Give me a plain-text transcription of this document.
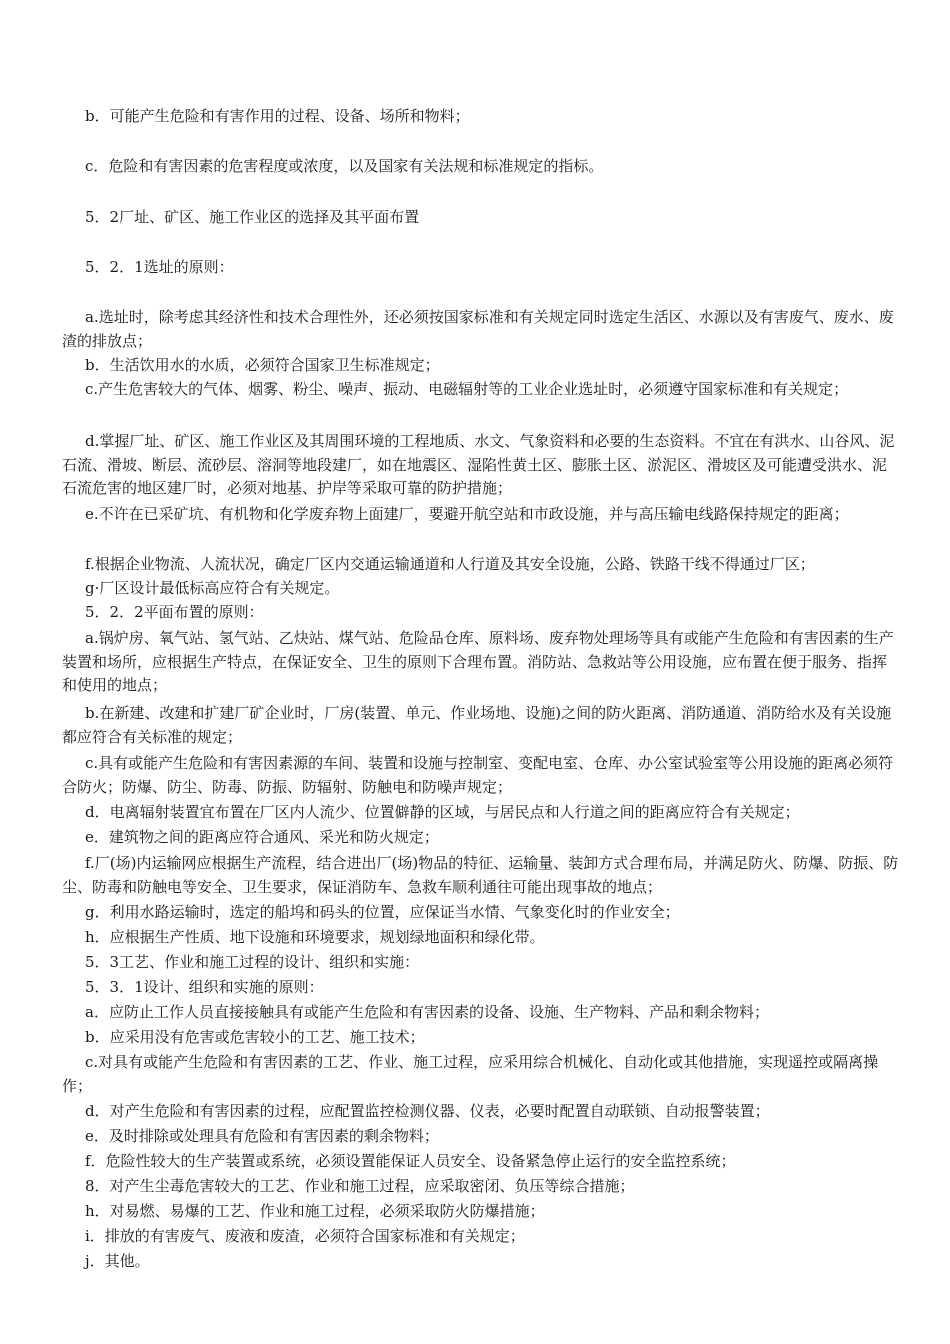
b．可能产生危险和有害作用的过程、设备、场所和物料；

c．危险和有害因素的危害程度或浓度，以及国家有关法规和标准规定的指标。

5．2厂址、矿区、施工作业区的选择及其平面布置

5．2．1选址的原则：

a.选址时，除考虑其经济性和技术合理性外，还必须按国家标准和有关规定同时选定生活区、水源以及有害废气、废水、废渣的排放点；

b．生活饮用水的水质，必须符合国家卫生标准规定；

c.产生危害较大的气体、烟雾、粉尘、噪声、振动、电磁辐射等的工业企业选址时，必须遵守国家标准和有关规定；

d.掌握厂址、矿区、施工作业区及其周围环境的工程地质、水文、气象资料和必要的生态资料。不宜在有洪水、山谷风、泥石流、滑坡、断层、流砂层、溶洞等地段建厂，如在地震区、湿陷性黄土区、膨胀土区、淤泥区、滑坡区及可能遭受洪水、泥石流危害的地区建厂时，必须对地基、护岸等采取可靠的防护措施；

e.不许在已采矿坑、有机物和化学废弃物上面建厂，要避开航空站和市政设施，并与高压输电线路保持规定的距离；

f.根据企业物流、人流状况，确定厂区内交通运输通道和人行道及其安全设施，公路、铁路干线不得通过厂区；

g·厂区设计最低标高应符合有关规定。

5．2．2平面布置的原则：

a.锅炉房、氧气站、氢气站、乙炔站、煤气站、危险品仓库、原料场、废弃物处理场等具有或能产生危险和有害因素的生产装置和场所，应根据生产特点，在保证安全、卫生的原则下合理布置。消防站、急救站等公用设施，应布置在便于服务、指挥和使用的地点；

b.在新建、改建和扩建厂矿企业时，厂房(装置、单元、作业场地、设施)之间的防火距离、消防通道、消防给水及有关设施都应符合有关标准的规定；

c.具有或能产生危险和有害因素源的车间、装置和设施与控制室、变配电室、仓库、办公室试验室等公用设施的距离必须符合防火；防爆、防尘、防毒、防振、防辐射、防触电和防噪声规定；

d．电离辐射装置宜布置在厂区内人流少、位置僻静的区域，与居民点和人行道之间的距离应符合有关规定；

e．建筑物之间的距离应符合通风、采光和防火规定；

f.厂(场)内运输网应根据生产流程，结合进出厂(场)物品的特征、运输量、装卸方式合理布局，并满足防火、防爆、防振、防尘、防毒和防触电等安全、卫生要求，保证消防车、急救车顺利通往可能出现事故的地点；

g．利用水路运输时，选定的船坞和码头的位置，应保证当水情、气象变化时的作业安全；

h．应根据生产性质、地下设施和环境要求，规划绿地面积和绿化带。

5．3工艺、作业和施工过程的设计、组织和实施：

5．3．1设计、组织和实施的原则：

a．应防止工作人员直接接触具有或能产生危险和有害因素的设备、设施、生产物料、产品和剩余物料；

b．应采用没有危害或危害较小的工艺、施工技术；

c.对具有或能产生危险和有害因素的工艺、作业、施工过程，应采用综合机械化、自动化或其他措施，实现遥控或隔离操作；

d．对产生危险和有害因素的过程，应配置监控检测仪器、仪表，必要时配置自动联锁、自动报警装置；

e．及时排除或处理具有危险和有害因素的剩余物料；

f．危险性较大的生产装置或系统，必须设置能保证人员安全、设备紧急停止运行的安全监控系统；

8．对产生尘毒危害较大的工艺、作业和施工过程，应采取密闭、负压等综合措施；

h．对易燃、易爆的工艺、作业和施工过程，必须采取防火防爆措施；

i．排放的有害废气、废液和废渣，必须符合国家标准和有关规定；

j．其他。
